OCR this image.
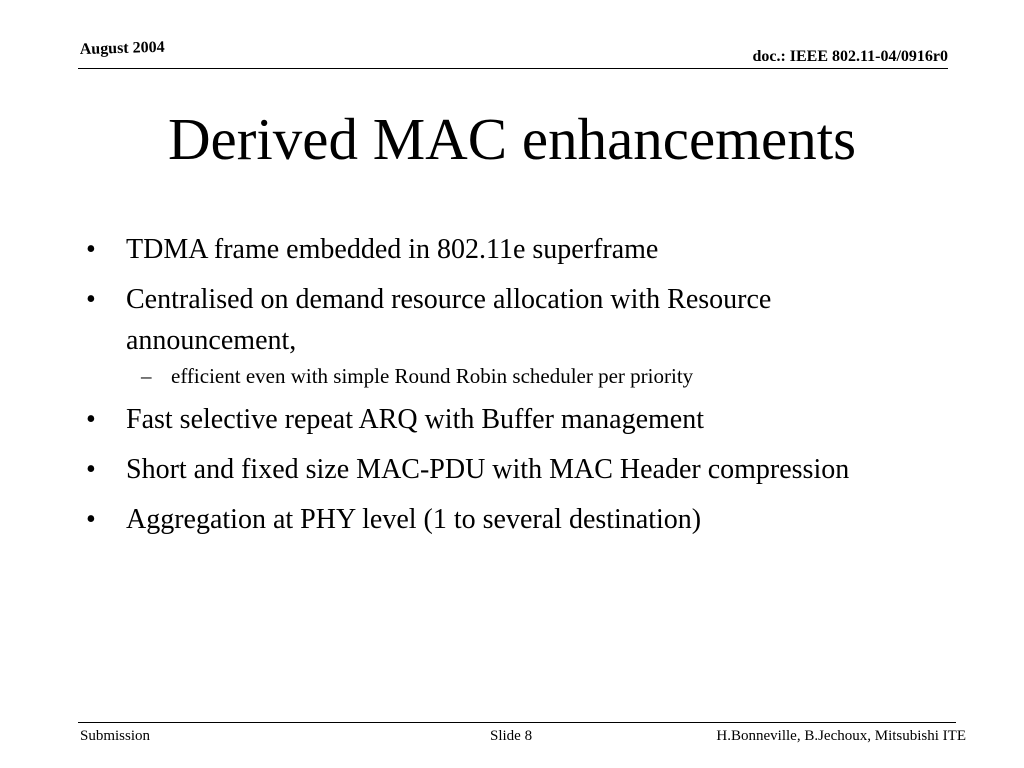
August 2004	doc.: IEEE 802.11-04/0916r0
Derived MAC enhancements
• TDMA frame embedded in 802.11e superframe
• Centralised on demand resource allocation with Resource announcement,
– efficient even with simple Round Robin scheduler per priority
• Fast selective repeat ARQ with Buffer management
• Short and fixed size MAC-PDU with MAC Header compression
• Aggregation at PHY level (1 to several destination)
Submission	Slide 8	H.Bonneville, B.Jechoux, Mitsubishi ITE
